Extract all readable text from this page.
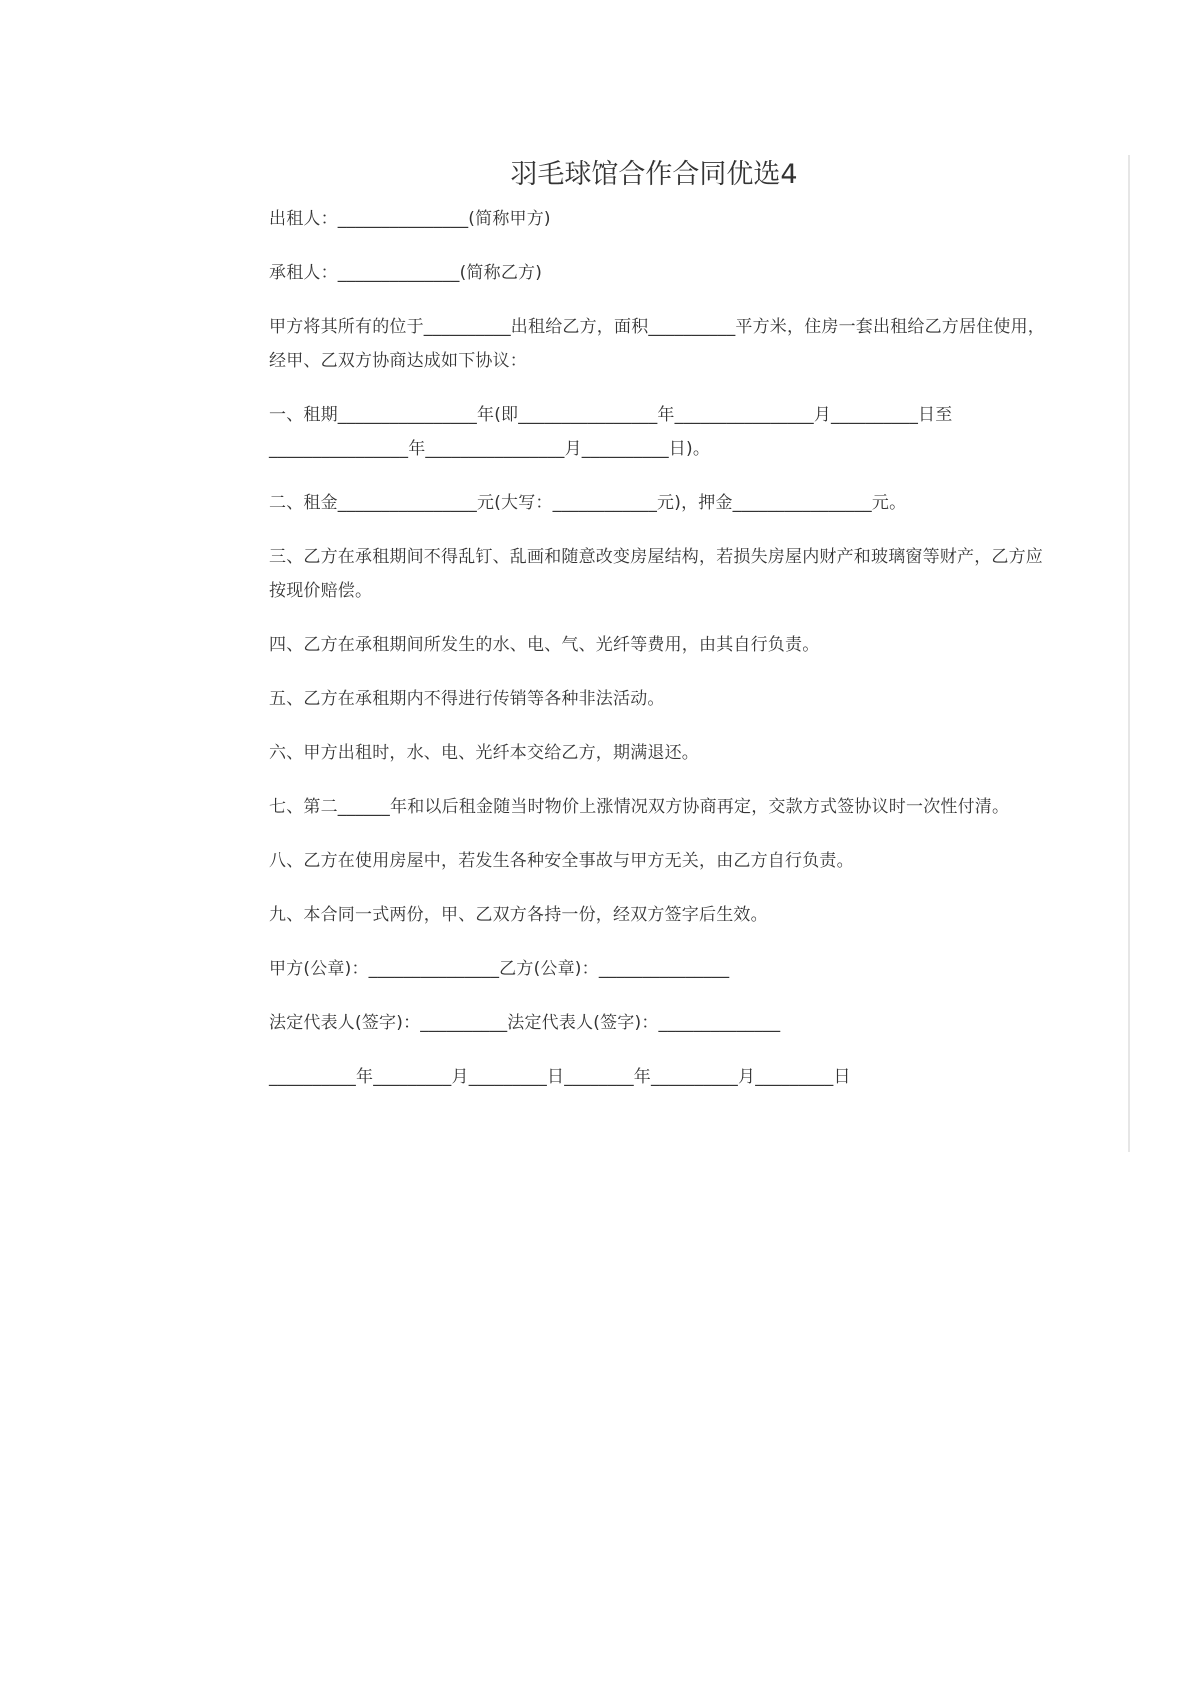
羽毛球馆合作合同优选4

出租人：_______________(简称甲方)

承租人：______________(简称乙方)

甲方将其所有的位于__________出租给乙方，面积__________平方米，住房一套出租给乙方居住使用，经甲、乙双方协商达成如下协议：

一、租期________________年(即________________年________________月__________日至________________年________________月__________日)。

二、租金________________元(大写：____________元)，押金________________元。

三、乙方在承租期间不得乱钉、乱画和随意改变房屋结构，若损失房屋内财产和玻璃窗等财产，乙方应按现价赔偿。

四、乙方在承租期间所发生的水、电、气、光纤等费用，由其自行负责。

五、乙方在承租期内不得进行传销等各种非法活动。

六、甲方出租时，水、电、光纤本交给乙方，期满退还。

七、第二______年和以后租金随当时物价上涨情况双方协商再定，交款方式签协议时一次性付清。

八、乙方在使用房屋中，若发生各种安全事故与甲方无关，由乙方自行负责。

九、本合同一式两份，甲、乙双方各持一份，经双方签字后生效。

甲方(公章)：_______________乙方(公章)：_______________

法定代表人(签字)：__________法定代表人(签字)：______________

__________年_________月_________日________年__________月_________日
